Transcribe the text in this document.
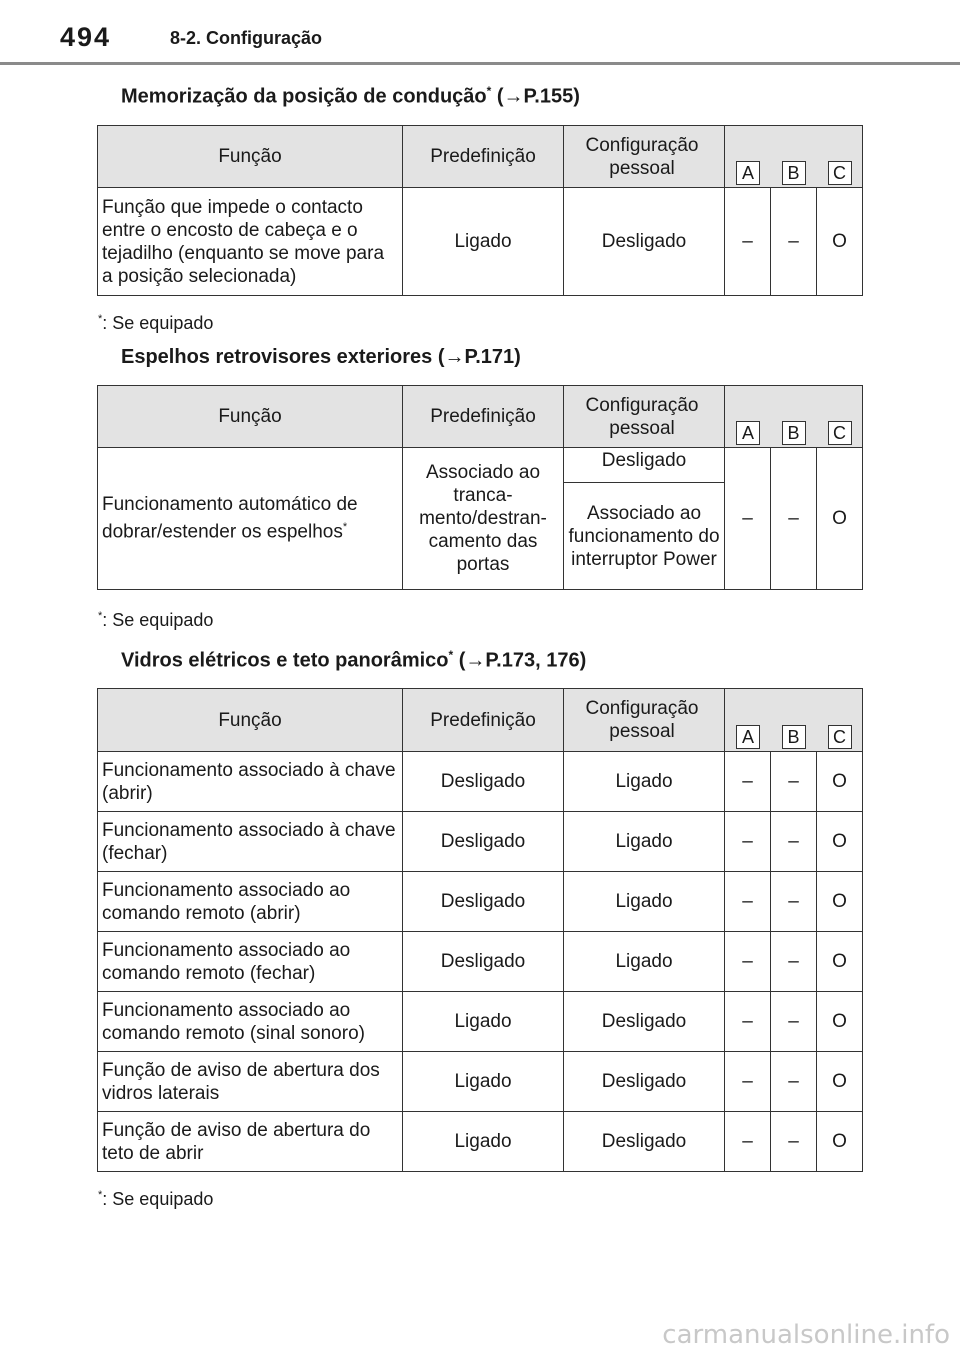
494	8-2. Configuração
Memorização da posição de condução* (→P.155)
Função	Predefinição	Configuração
pessoal	A	B	C

Função que impede o contacto entre o encosto de cabeça e o tejadilho (enquanto se move para a posição selecionada)	Ligado	Desligado	–	–	O
*: Se equipado
Espelhos retrovisores exteriores (→P.171)
Função	Predefinição	Configuração
pessoal	A	B	C

Funcionamento automático de dobrar/estender os espelhos*	Associado ao tranca-mento/destran-camento das portas	Desligado
Associado ao funcionamento do interruptor Power	–	–	O
*: Se equipado
Vidros elétricos e teto panorâmico* (→P.173, 176)
Função	Predefinição	Configuração
pessoal	A	B	C

Funcionamento associado à chave (abrir)	Desligado	Ligado	–	–	O
Funcionamento associado à chave (fechar)	Desligado	Ligado	–	–	O
Funcionamento associado ao comando remoto (abrir)	Desligado	Ligado	–	–	O
Funcionamento associado ao comando remoto (fechar)	Desligado	Ligado	–	–	O
Funcionamento associado ao comando remoto (sinal sonoro)	Ligado	Desligado	–	–	O
Função de aviso de abertura dos vidros laterais	Ligado	Desligado	–	–	O
Função de aviso de abertura do teto de abrir	Ligado	Desligado	–	–	O
*: Se equipado
carmanualsonline.info
